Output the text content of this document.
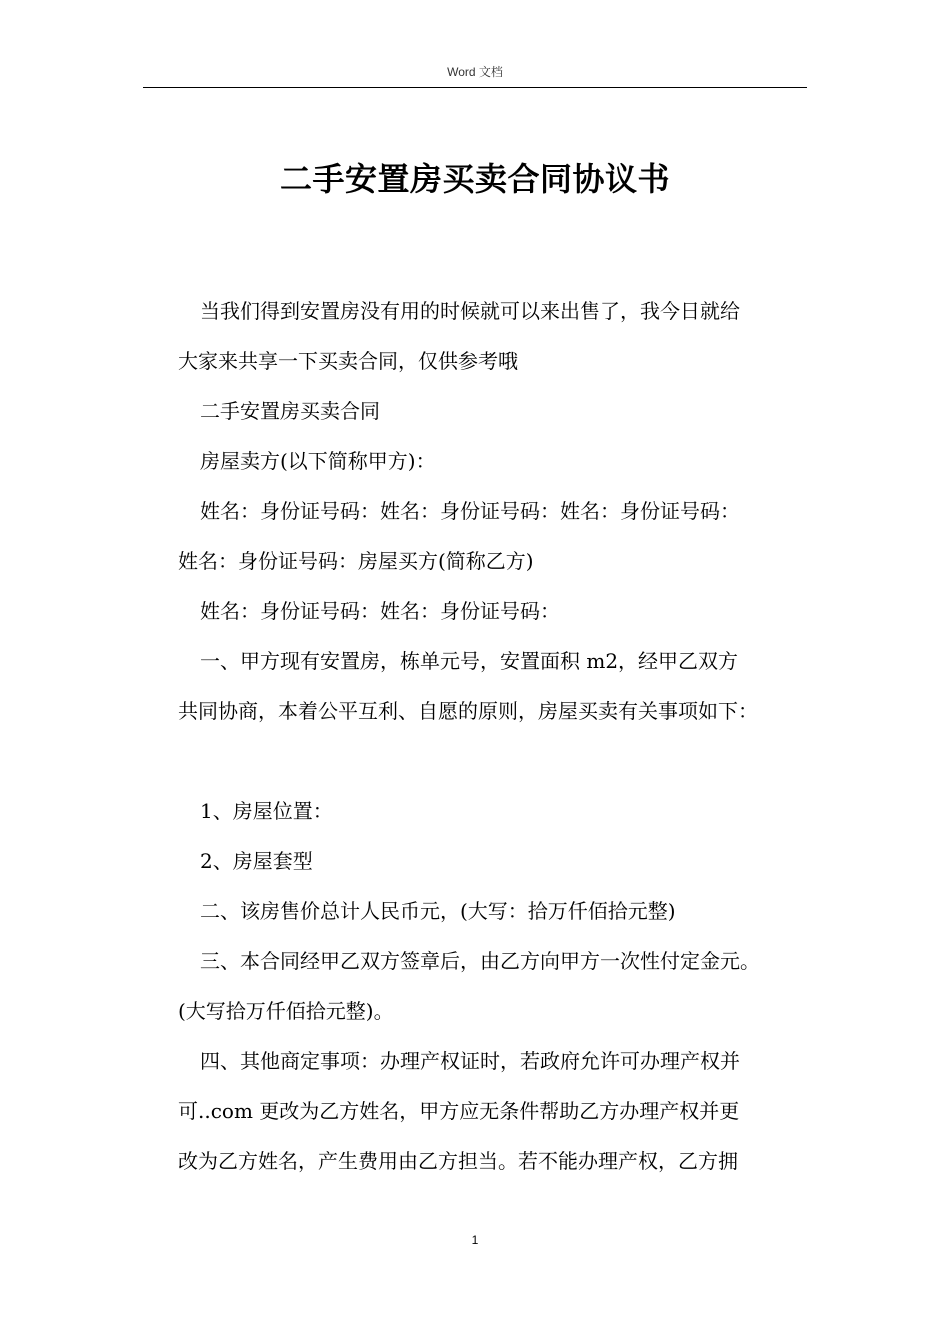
Word 文档
二手安置房买卖合同协议书
当我们得到安置房没有用的时候就可以来出售了，我今日就给
大家来共享一下买卖合同，仅供参考哦
二手安置房买卖合同
房屋卖方(以下简称甲方)：
姓名：身份证号码：姓名：身份证号码：姓名：身份证号码：
姓名：身份证号码：房屋买方(简称乙方)
姓名：身份证号码：姓名：身份证号码：
一、甲方现有安置房，栋单元号，安置面积 m2，经甲乙双方
共同协商，本着公平互利、自愿的原则，房屋买卖有关事项如下：
1、房屋位置：
2、房屋套型
二、该房售价总计人民币元，(大写：拾万仟佰拾元整)
三、本合同经甲乙双方签章后，由乙方向甲方一次性付定金元。
(大写拾万仟佰拾元整)。
四、其他商定事项：办理产权证时，若政府允许可办理产权并
可..com 更改为乙方姓名，甲方应无条件帮助乙方办理产权并更
改为乙方姓名，产生费用由乙方担当。若不能办理产权，乙方拥
1
